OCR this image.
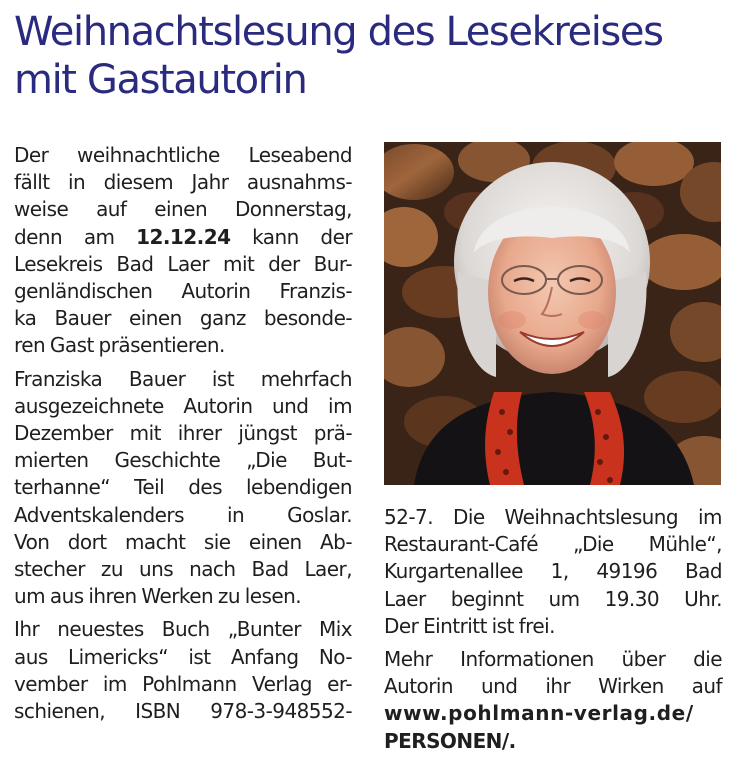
Weihnachtslesung des Lesekreises
mit Gastautorin
Der weihnachtliche Leseabend
fällt in diesem Jahr ausnahms-
weise auf einen Donnerstag,
denn am 12.12.24 kann der
Lesekreis Bad Laer mit der Bur-
genländischen Autorin Franzis-
ka Bauer einen ganz besonde-
ren Gast präsentieren.
Franziska Bauer ist mehrfach
ausgezeichnete Autorin und im
Dezember mit ihrer jüngst prä-
mierten Geschichte „Die But-
terhanne“ Teil des lebendigen
Adventskalenders in Goslar.
Von dort macht sie einen Ab-
stecher zu uns nach Bad Laer,
um aus ihren Werken zu lesen.
Ihr neuestes Buch „Bunter Mix
aus Limericks“ ist Anfang No-
vember im Pohlmann Verlag er-
schienen, ISBN 978-3-948552-
52-7. Die Weihnachtslesung im
Restaurant-Café „Die Mühle“,
Kurgartenallee 1, 49196 Bad
Laer beginnt um 19.30 Uhr.
Der Eintritt ist frei.
Mehr Informationen über die
Autorin und ihr Wirken auf
www.pohlmann-verlag.de/
PERSONEN/.
